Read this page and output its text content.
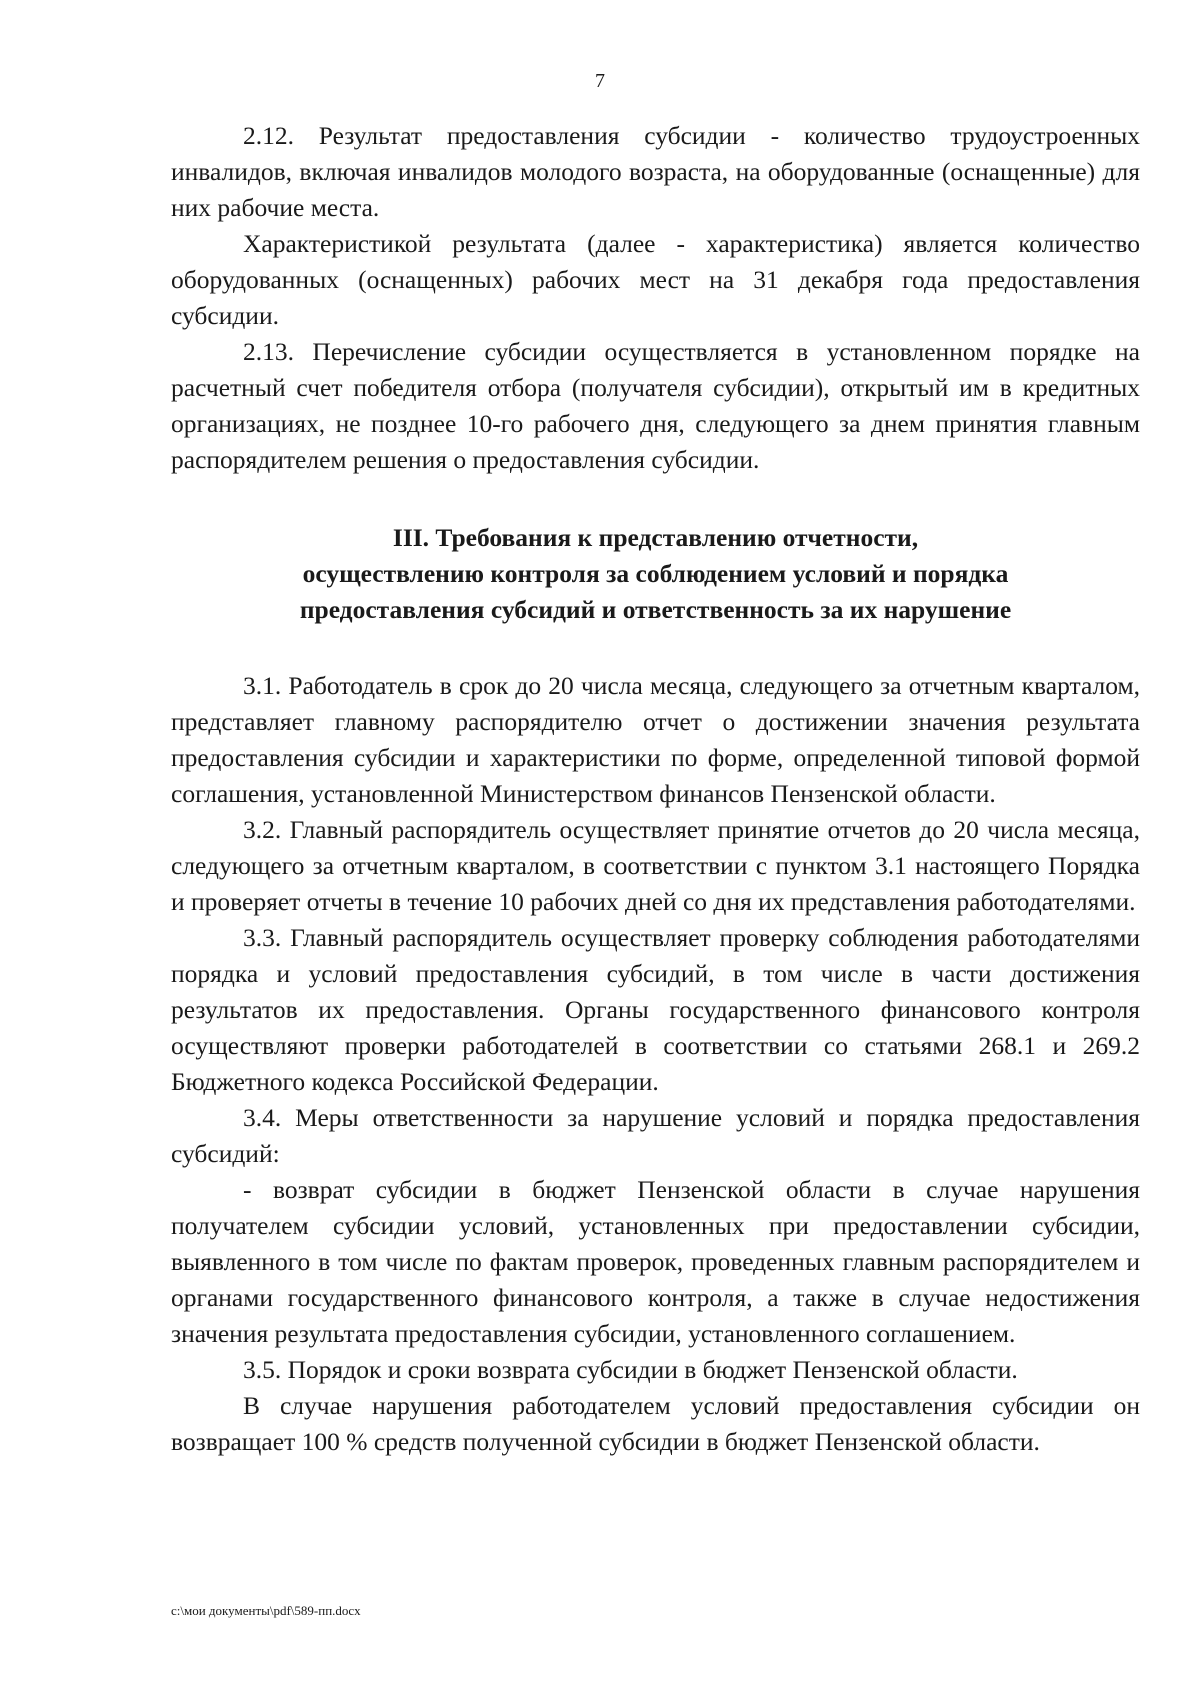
7

2.12. Результат предоставления субсидии - количество трудоустроенных инвалидов, включая инвалидов молодого возраста, на оборудованные (оснащенные) для них рабочие места.

Характеристикой результата (далее - характеристика) является количество оборудованных (оснащенных) рабочих мест на 31 декабря года предоставления субсидии.

2.13. Перечисление субсидии осуществляется в установленном порядке на расчетный счет победителя отбора (получателя субсидии), открытый им в кредитных организациях, не позднее 10-го рабочего дня, следующего за днем принятия главным распорядителем решения о предоставления субсидии.

III. Требования к представлению отчетности,
осуществлению контроля за соблюдением условий и порядка
предоставления субсидий и ответственность за их нарушение

3.1. Работодатель в срок до 20 числа месяца, следующего за отчетным кварталом, представляет главному распорядителю отчет о достижении значения результата предоставления субсидии и характеристики по форме, определенной типовой формой соглашения, установленной Министерством финансов Пензенской области.

3.2. Главный распорядитель осуществляет принятие отчетов до 20 числа месяца, следующего за отчетным кварталом, в соответствии с пунктом 3.1 настоящего Порядка и проверяет отчеты в течение 10 рабочих дней со дня их представления работодателями.

3.3. Главный распорядитель осуществляет проверку соблюдения работодателями порядка и условий предоставления субсидий, в том числе в части достижения результатов их предоставления. Органы государственного финансового контроля осуществляют проверки работодателей в соответствии со статьями 268.1 и 269.2 Бюджетного кодекса Российской Федерации.

3.4. Меры ответственности за нарушение условий и порядка предоставления субсидий:

- возврат субсидии в бюджет Пензенской области в случае нарушения получателем субсидии условий, установленных при предоставлении субсидии, выявленного в том числе по фактам проверок, проведенных главным распорядителем и органами государственного финансового контроля, а также в случае недостижения значения результата предоставления субсидии, установленного соглашением.

3.5. Порядок и сроки возврата субсидии в бюджет Пензенской области.

В случае нарушения работодателем условий предоставления субсидии он возвращает 100 % средств полученной субсидии в бюджет Пензенской области.

c:\мои документы\pdf\589-пп.docx
